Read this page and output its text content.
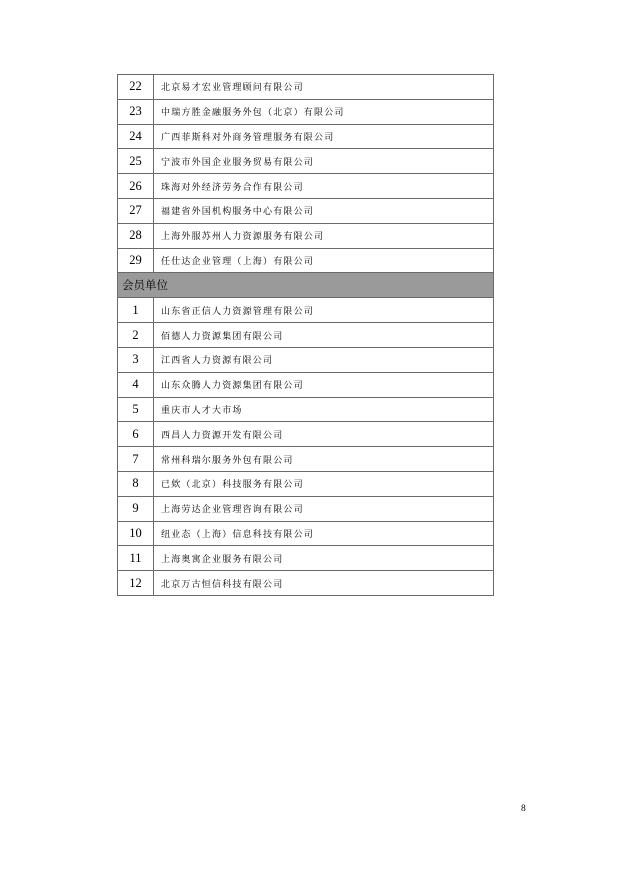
22	北京易才宏业管理顾问有限公司
23	中瑞方胜金融服务外包（北京）有限公司
24	广西菲斯科对外商务管理服务有限公司
25	宁波市外国企业服务贸易有限公司
26	珠海对外经济劳务合作有限公司
27	福建省外国机构服务中心有限公司
28	上海外服苏州人力资源服务有限公司
29	任仕达企业管理（上海）有限公司
会员单位	
1	山东省正信人力资源管理有限公司
2	佰德人力资源集团有限公司
3	江西省人力资源有限公司
4	山东众腾人力资源集团有限公司
5	重庆市人才大市场
6	西昌人力资源开发有限公司
7	常州科瑞尔服务外包有限公司
8	已欸（北京）科技服务有限公司
9	上海劳达企业管理咨询有限公司
10	纽业态（上海）信息科技有限公司
11	上海奥寓企业服务有限公司
12	北京万古恒信科技有限公司
8
